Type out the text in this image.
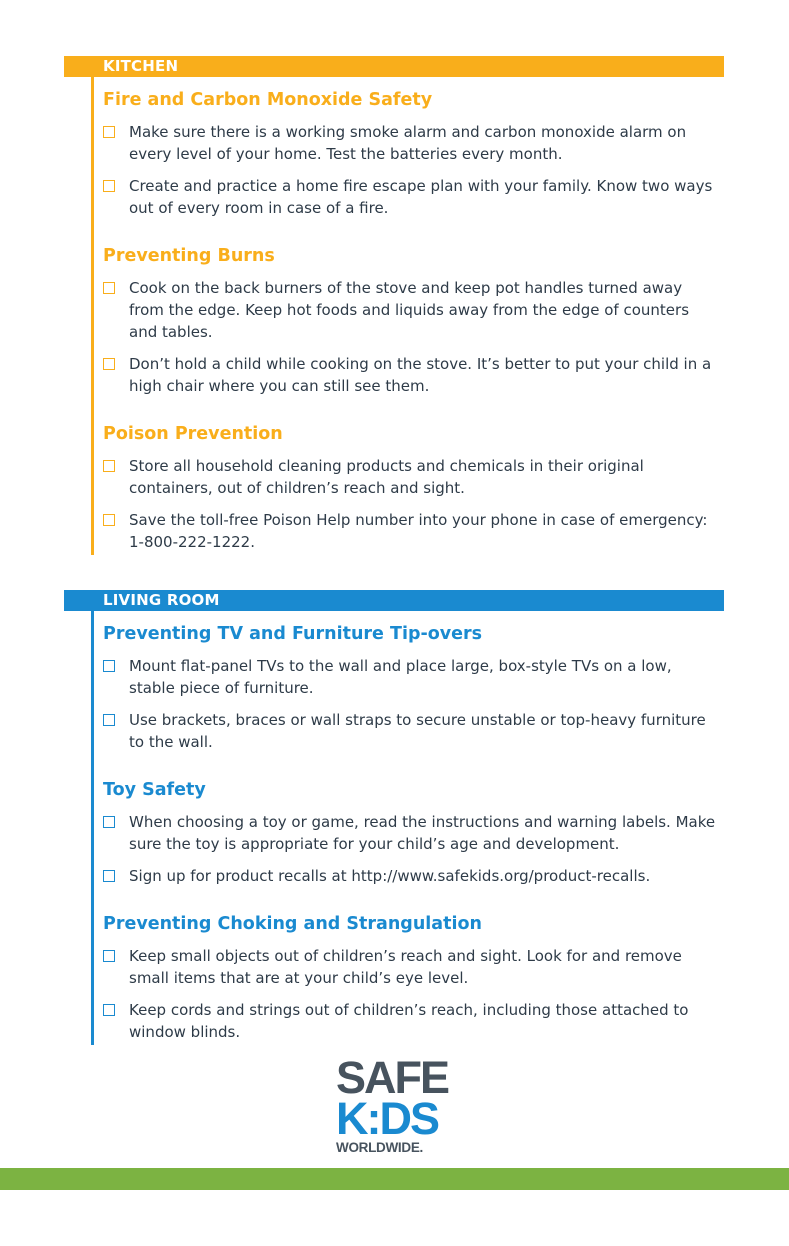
KITCHEN
Fire and Carbon Monoxide Safety
Make sure there is a working smoke alarm and carbon monoxide alarm on every level of your home. Test the batteries every month.
Create and practice a home fire escape plan with your family. Know two ways out of every room in case of a fire.
Preventing Burns
Cook on the back burners of the stove and keep pot handles turned away from the edge. Keep hot foods and liquids away from the edge of counters and tables.
Don’t hold a child while cooking on the stove. It’s better to put your child in a high chair where you can still see them.
Poison Prevention
Store all household cleaning products and chemicals in their original containers, out of children’s reach and sight.
Save the toll-free Poison Help number into your phone in case of emergency: 1-800-222-1222.
LIVING ROOM
Preventing TV and Furniture Tip-overs
Mount flat-panel TVs to the wall and place large, box-style TVs on a low, stable piece of furniture.
Use brackets, braces or wall straps to secure unstable or top-heavy furniture to the wall.
Toy Safety
When choosing a toy or game, read the instructions and warning labels. Make sure the toy is appropriate for your child’s age and development.
Sign up for product recalls at http://www.safekids.org/product-recalls.
Preventing Choking and Strangulation
Keep small objects out of children’s reach and sight. Look for and remove small items that are at your child’s eye level.
Keep cords and strings out of children’s reach, including those attached to window blinds.
SAFE
K:DS
WORLDWIDE.
